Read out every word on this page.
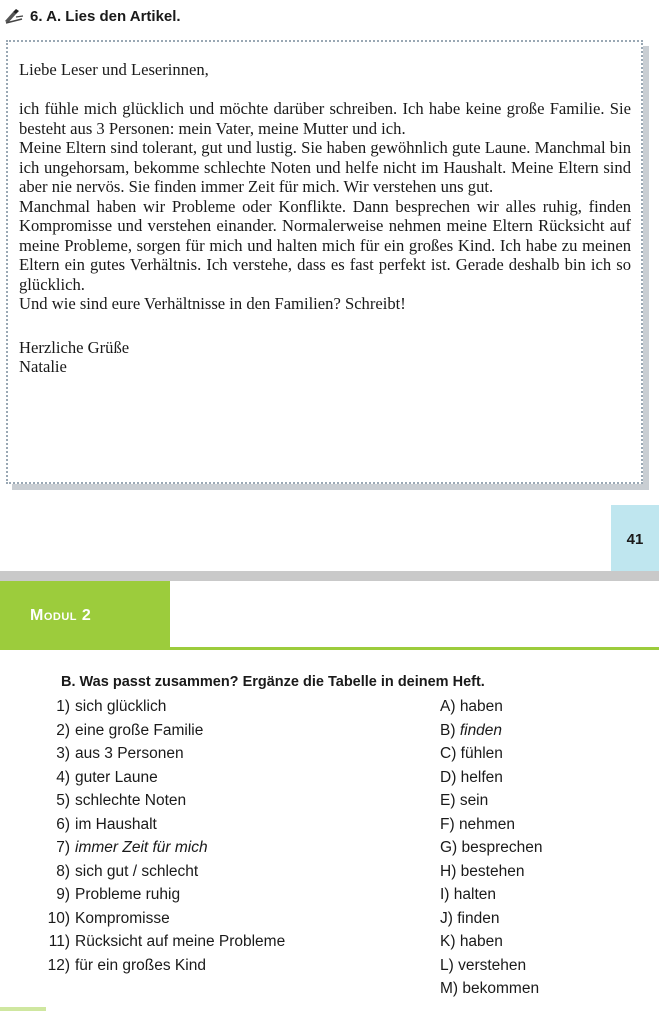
6. A. Lies den Artikel.

Liebe Leser und Leserinnen,

ich fühle mich glücklich und möchte darüber schreiben. Ich habe keine große Familie. Sie besteht aus 3 Personen: mein Vater, meine Mutter und ich.

Meine Eltern sind tolerant, gut und lustig. Sie haben gewöhnlich gute Laune. Manchmal bin ich ungehorsam, bekomme schlechte Noten und helfe nicht im Haushalt. Meine Eltern sind aber nie nervös. Sie finden immer Zeit für mich. Wir verstehen uns gut.

Manchmal haben wir Probleme oder Konflikte. Dann besprechen wir alles ruhig, finden Kompromisse und verstehen einander. Normalerweise nehmen meine Eltern Rücksicht auf meine Probleme, sorgen für mich und halten mich für ein großes Kind. Ich habe zu meinen Eltern ein gutes Verhältnis. Ich verstehe, dass es fast perfekt ist. Gerade deshalb bin ich so glücklich.

Und wie sind eure Verhältnisse in den Familien? Schreibt!

Herzliche Grüße

Natalie

41
Modul 2
B. Was passt zusammen? Ergänze die Tabelle in deinem Heft.
1) sich glücklich	A) haben
2) eine große Familie	B) finden
3) aus 3 Personen	C) fühlen
4) guter Laune	D) helfen
5) schlechte Noten	E) sein
6) im Haushalt	F) nehmen
7) immer Zeit für mich	G) besprechen
8) sich gut / schlecht	H) bestehen
9) Probleme ruhig	I) halten
10) Kompromisse	J) finden
11) Rücksicht auf meine Probleme	K) haben
12) für ein großes Kind	L) verstehen
M) bekommen
